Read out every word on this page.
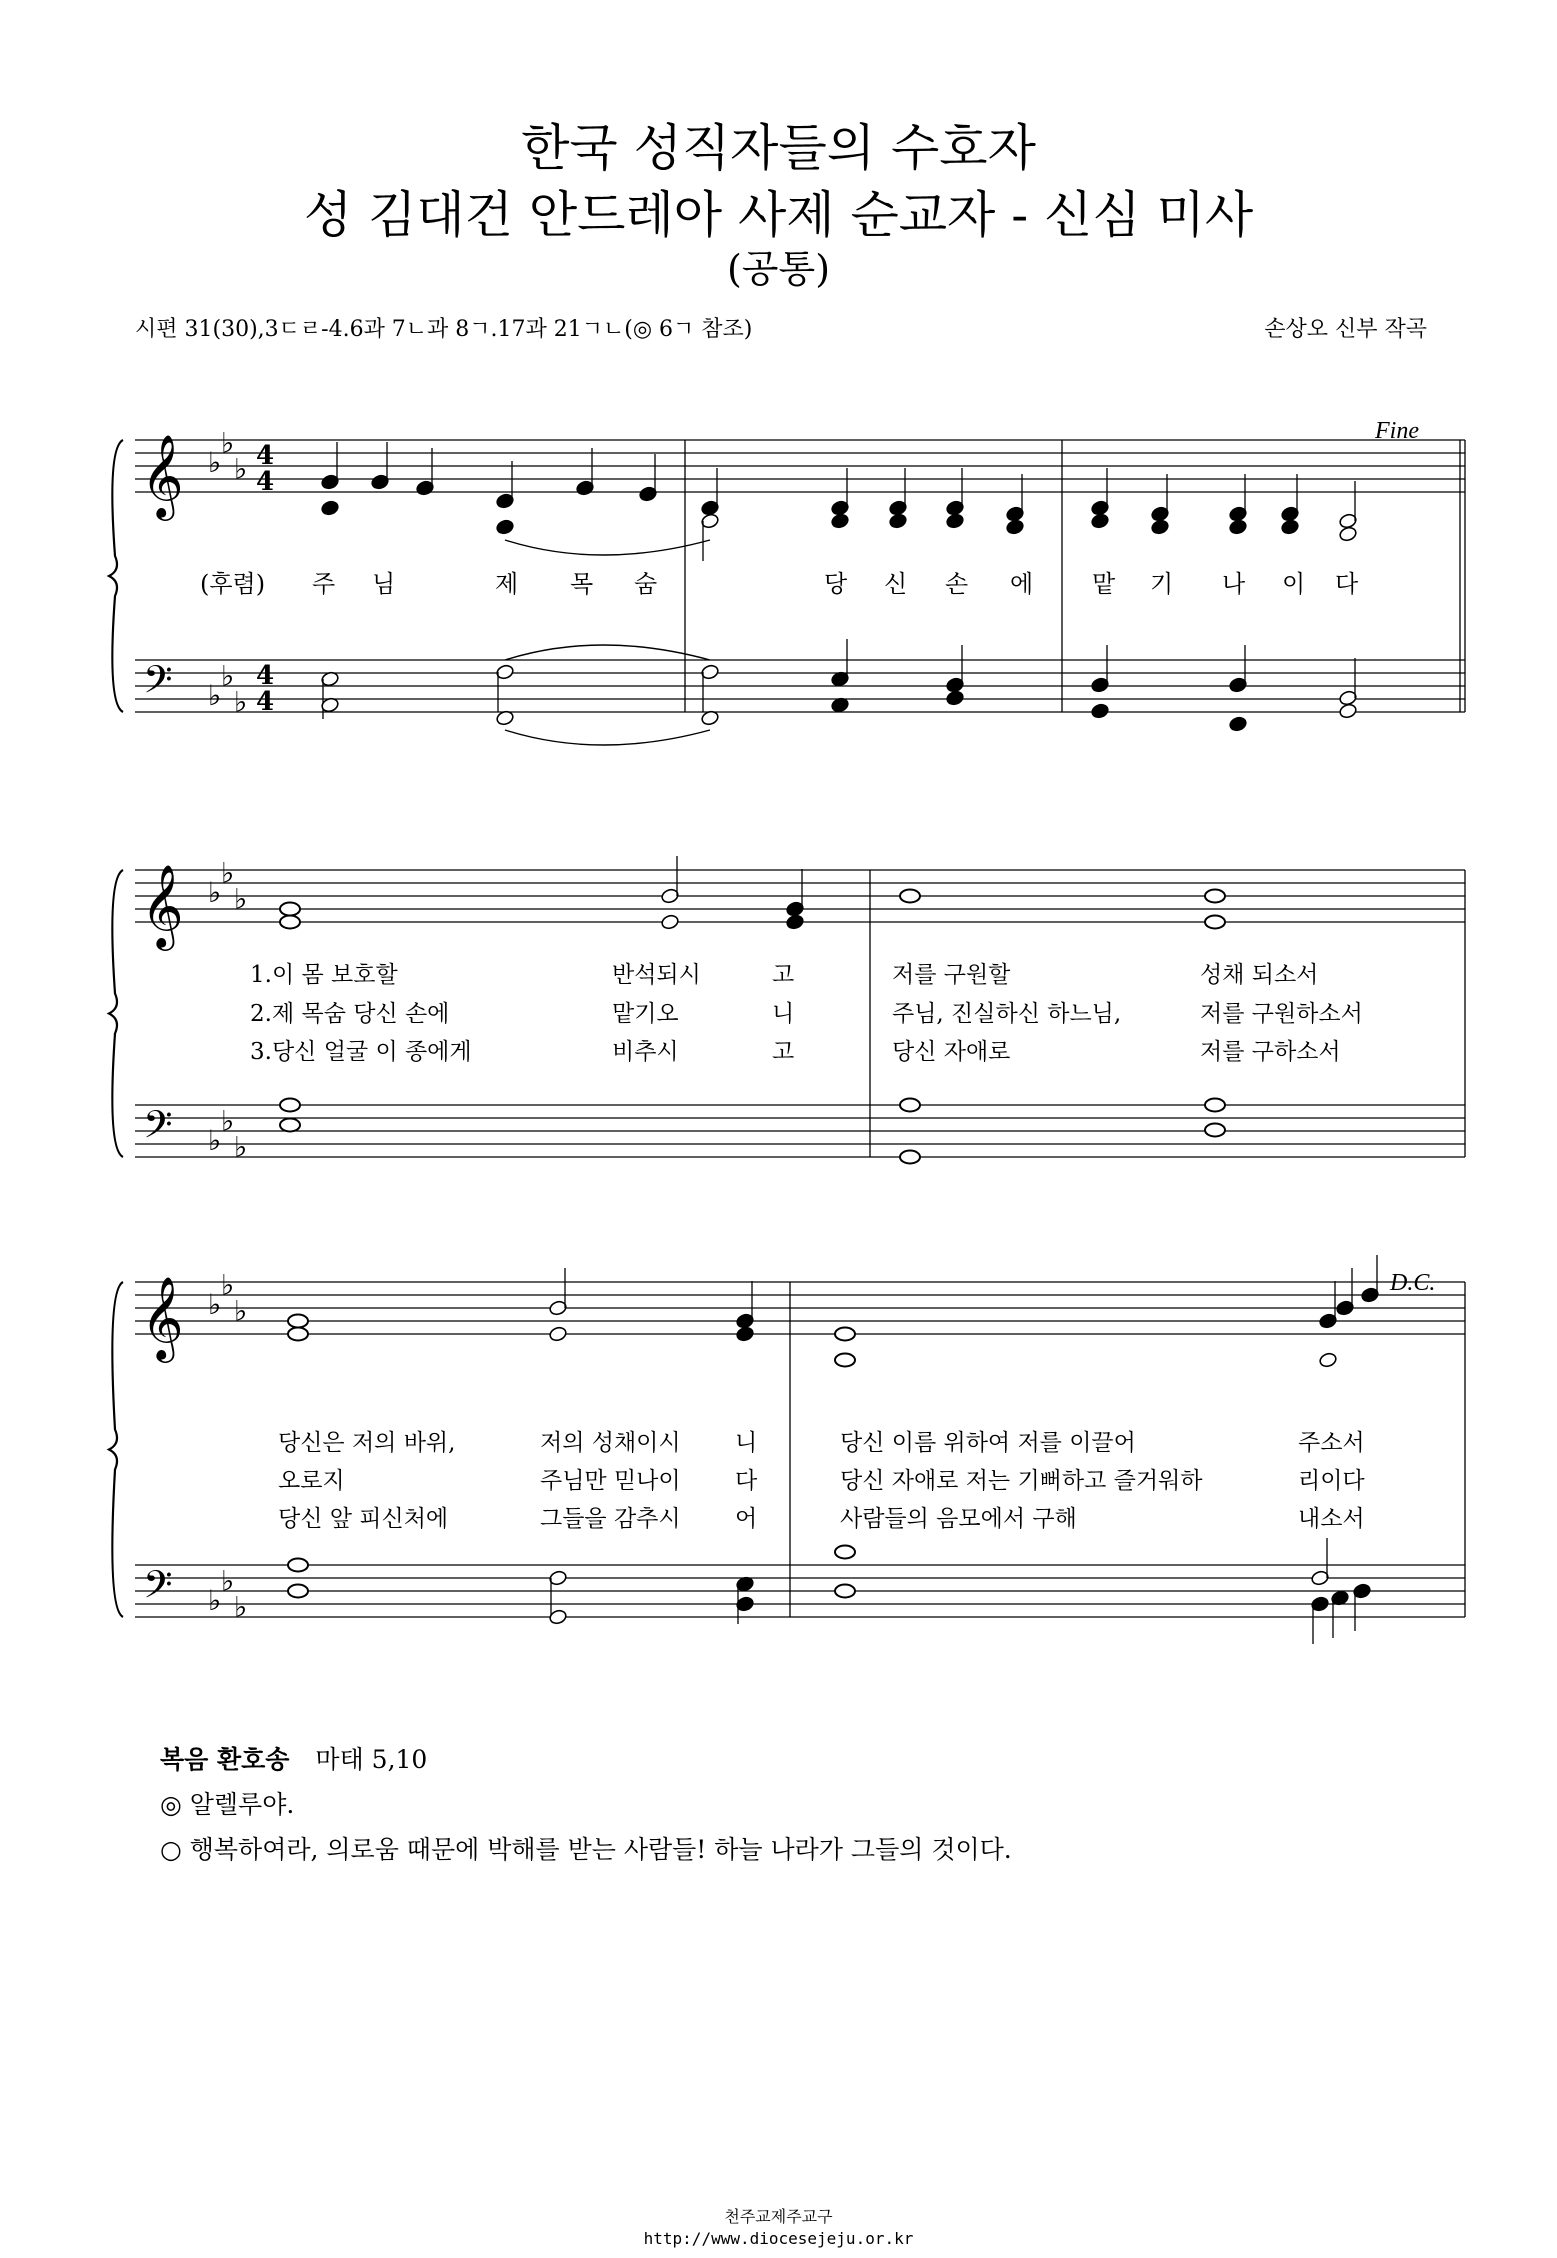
한국 성직자들의 수호자
성 김대건 안드레아 사제 순교자 - 신심 미사
(공통)
시편 31(30),3ㄷㄹ-4.6과 7ㄴ과 8ㄱ.17과 21ㄱㄴ(◎ 6ㄱ 참조)	손상오 신부 작곡
𝄞
𝄢
♭
♭
♭
♭
♭
♭
4
4
4
4
𝄞
𝄢
♭
♭
♭
♭
♭
♭
𝄞
𝄢
♭
♭
♭
♭
♭
♭
(후렴) 주 님	제 목 숨	당 신 손 에 맡 기 나 이 다
1.이 몸 보호할	반석되시	고	저를 구원할	성채 되소서
2.제 목숨 당신 손에	맡기오	니	주님, 진실하신 하느님,	저를 구원하소서
3.당신 얼굴 이 종에게	비추시	고	당신 자애로	저를 구하소서
당신은 저의 바위,	저의 성채이시 니	당신 이름 위하여 저를 이끌어	주소서
오로지	주님만 믿나이 다	당신 자애로 저는 기뻐하고 즐거워하	리이다
당신 앞 피신처에	그들을 감추시 어	사람들의 음모에서 구해	내소서
Fine
D.C.
복음 환호송 마태 5,10
◎ 알렐루야.
○ 행복하여라, 의로움 때문에 박해를 받는 사람들! 하늘 나라가 그들의 것이다.
천주교제주교구
http://www.diocesejeju.or.kr
